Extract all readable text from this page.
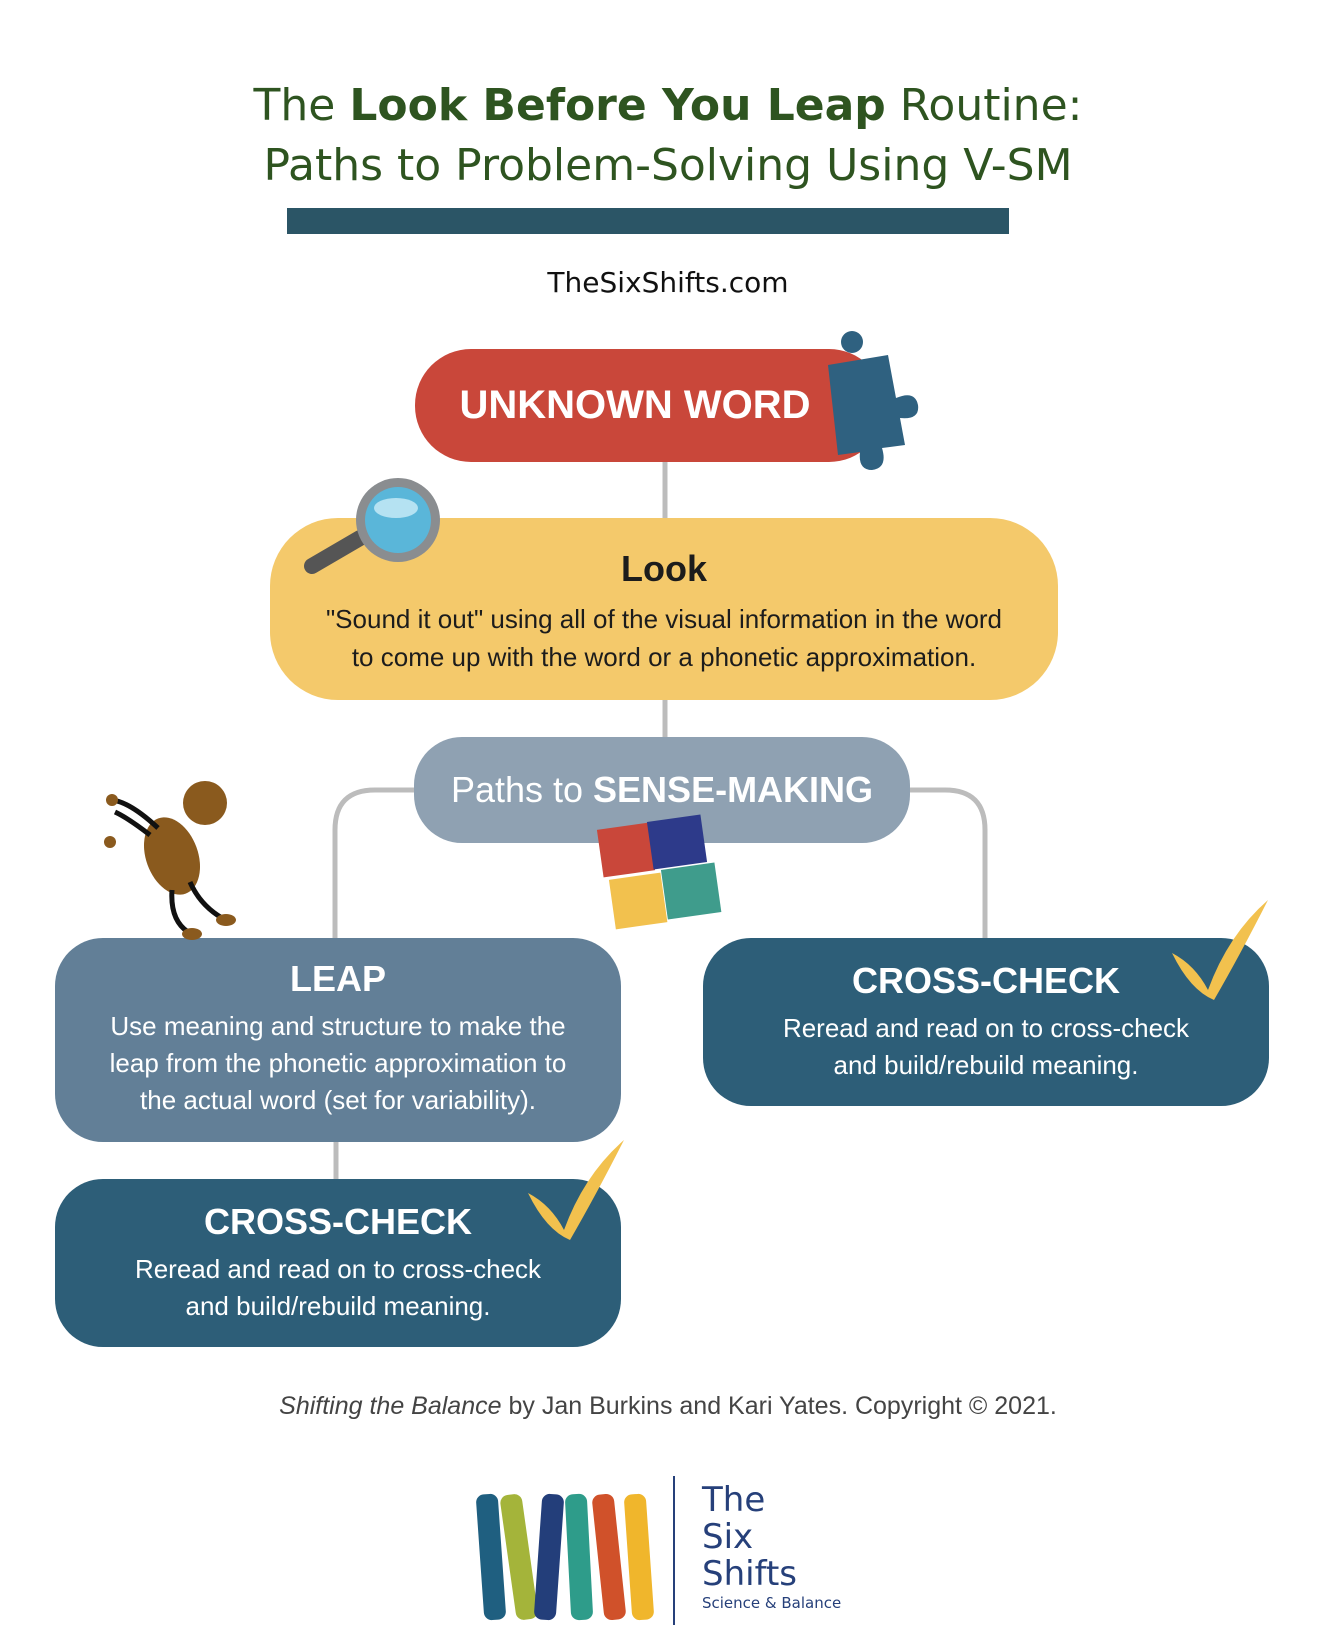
The Look Before You Leap Routine:
Paths to Problem-Solving Using V-SM
TheSixShifts.com
UNKNOWN WORD
Look
"Sound it out" using all of the visual information in the word
to come up with the word or a phonetic approximation.
Paths to SENSE-MAKING
LEAP
Use meaning and structure to make the
leap from the phonetic approximation to
the actual word (set for variability).
CROSS-CHECK
Reread and read on to cross-check
and build/rebuild meaning.
CROSS-CHECK
Reread and read on to cross-check
and build/rebuild meaning.
Shifting the Balance by Jan Burkins and Kari Yates. Copyright © 2021.
The
Six
Shifts
Science & Balance
